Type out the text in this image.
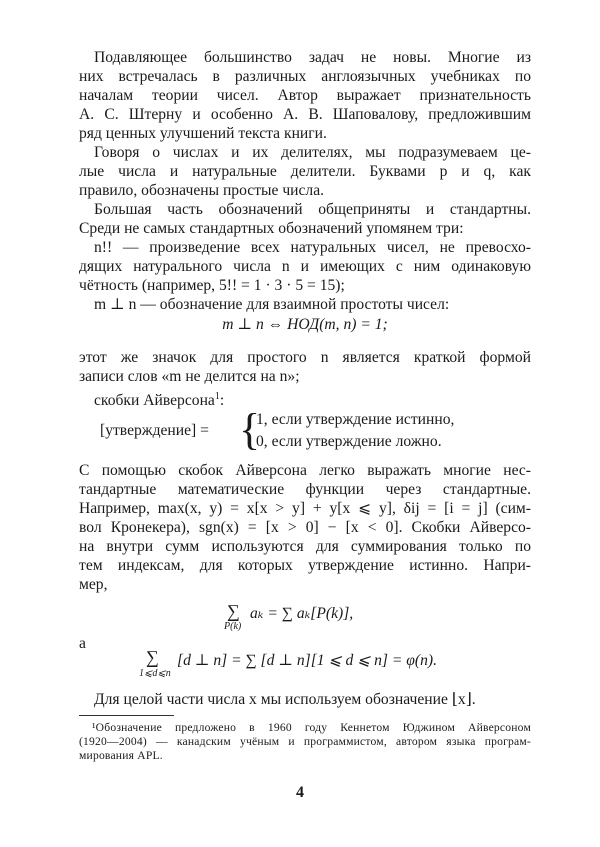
Подавляющее большинство задач не новы. Многие из
них встречалась в различных англоязычных учебниках по
началам теории чисел. Автор выражает признательность
А. С. Штерну и особенно А. В. Шаповалову, предложившим
ряд ценных улучшений текста книги.
Говоря о числах и их делителях, мы подразумеваем це-
лые числа и натуральные делители. Буквами p и q, как
правило, обозначены простые числа.
Большая часть обозначений общеприняты и стандартны.
Среди не самых стандартных обозначений упомянем три:
n!! — произведение всех натуральных чисел, не превосхо-
дящих натурального числа n и имеющих с ним одинаковую
чётность (например, 5!! = 1 · 3 · 5 = 15);
m ⊥ n — обозначение для взаимной простоты чисел:
m ⊥ n ⇔ НОД(m, n) = 1;
этот же значок для простого n является краткой формой
записи слов «m не делится на n»;
скобки Айверсона$^1$:
[утверждение] = {
1, если утверждение истинно,
0, если утверждение ложно.
С помощью скобок Айверсона легко выражать многие нес-
тандартные математические функции через стандартные.
Например, max(x, y) = x[x > y] + y[x ⩽ y], δij = [i = j] (сим-
вол Кронекера), sgn(x) = [x > 0] − [x < 0]. Скобки Айверсо-
на внутри сумм используются для суммирования только по
тем индексам, для которых утверждение истинно. Напри-
мер,
∑
P(k)
aₖ = ∑ aₖ[P(k)],
а
∑
1⩽d⩽n
[d ⊥ n] = ∑ [d ⊥ n][1 ⩽ d ⩽ n] = φ(n).
Для целой части числа x мы используем обозначение ⌊x⌋.
¹Обозначение предложено в 1960 году Кеннетом Юджином Айверсоном
(1920—2004) — канадским учёным и программистом, автором языка програм-
мирования APL.
4
